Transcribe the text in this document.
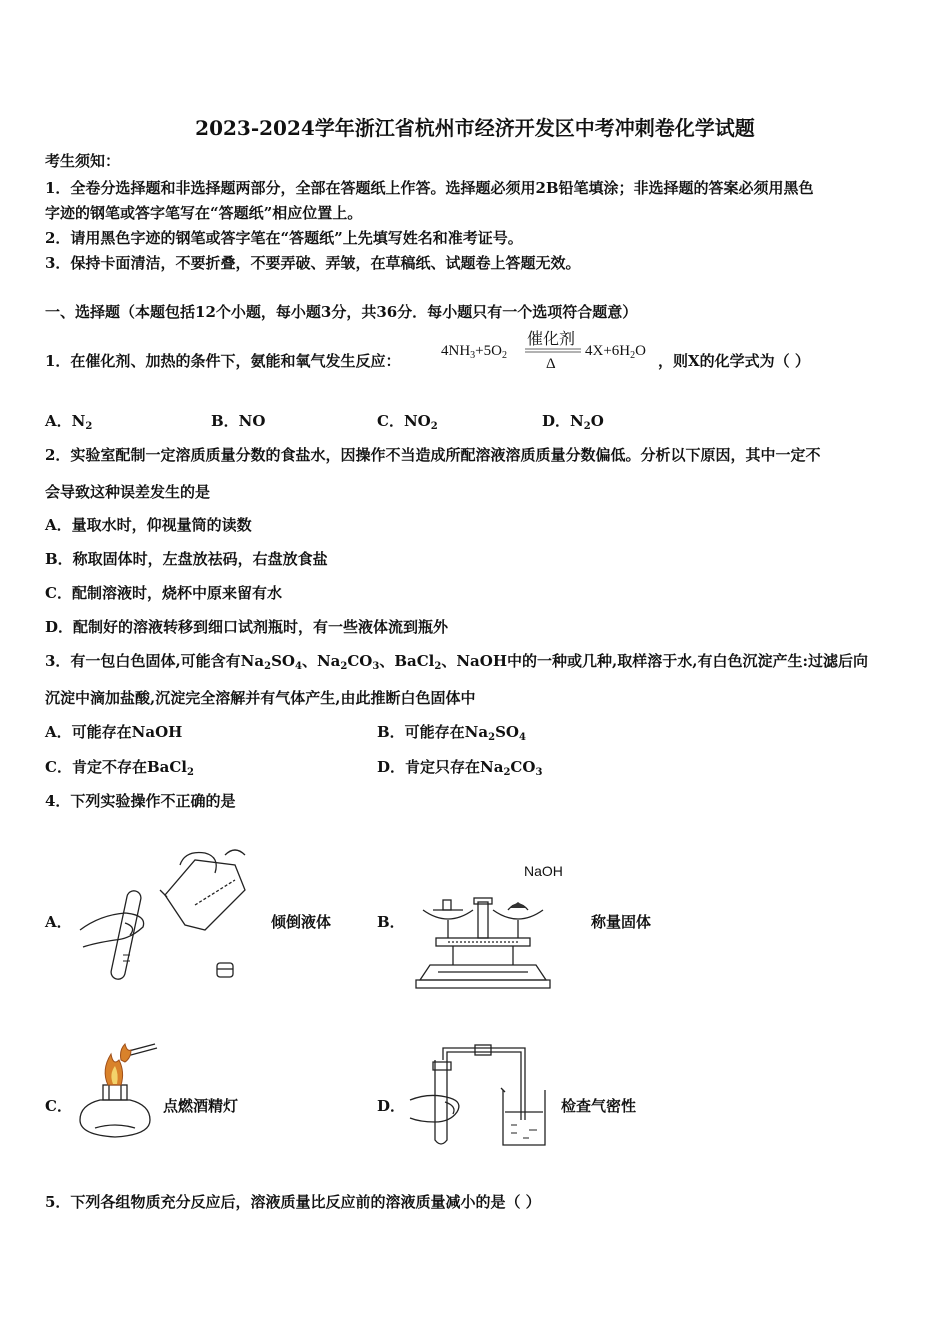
2023-2024学年浙江省杭州市经济开发区中考冲刺卷化学试题
考生须知：
1．全卷分选择题和非选择题两部分，全部在答题纸上作答。选择题必须用2B铅笔填涂；非选择题的答案必须用黑色
字迹的钢笔或答字笔写在“答题纸”相应位置上。
2．请用黑色字迹的钢笔或答字笔在“答题纸”上先填写姓名和准考证号。
3．保持卡面清洁，不要折叠，不要弄破、弄皱，在草稿纸、试题卷上答题无效。
一、选择题（本题包括12个小题，每小题3分，共36分．每小题只有一个选项符合题意）
1．在催化剂、加热的条件下，氨能和氧气发生反应：
$4NH_3+5O_2$
催化剂
Δ
$4X+6H_2O$
，则X的化学式为（ ）
A．$N_2$	B．NO	C．$NO_2$	D．$N_2O$
2．实验室配制一定溶质质量分数的食盐水，因操作不当造成所配溶液溶质质量分数偏低。分析以下原因，其中一定不
会导致这种误差发生的是
A．量取水时，仰视量筒的读数
B．称取固体时，左盘放祛码，右盘放食盐
C．配制溶液时，烧杯中原来留有水
D．配制好的溶液转移到细口试剂瓶时，有一些液体流到瓶外
3．有一包白色固体,可能含有$Na_2SO_4$、$Na_2CO_3$、BaCl$_2$、NaOH中的一种或几种,取样溶于水,有白色沉淀产生:过滤后向
沉淀中滴加盐酸,沉淀完全溶解并有气体产生,由此推断白色固体中
A．可能存在NaOH	B．可能存在$Na_2SO_4$
C．肯定不存在BaCl$_2$	D．肯定只存在$Na_2CO_3$
4．下列实验操作不正确的是
A．	倾倒液体	B．
NaOH
称量固体
C．	点燃酒精灯	D．	检查气密性
5．下列各组物质充分反应后，溶液质量比反应前的溶液质量减小的是（ ）
